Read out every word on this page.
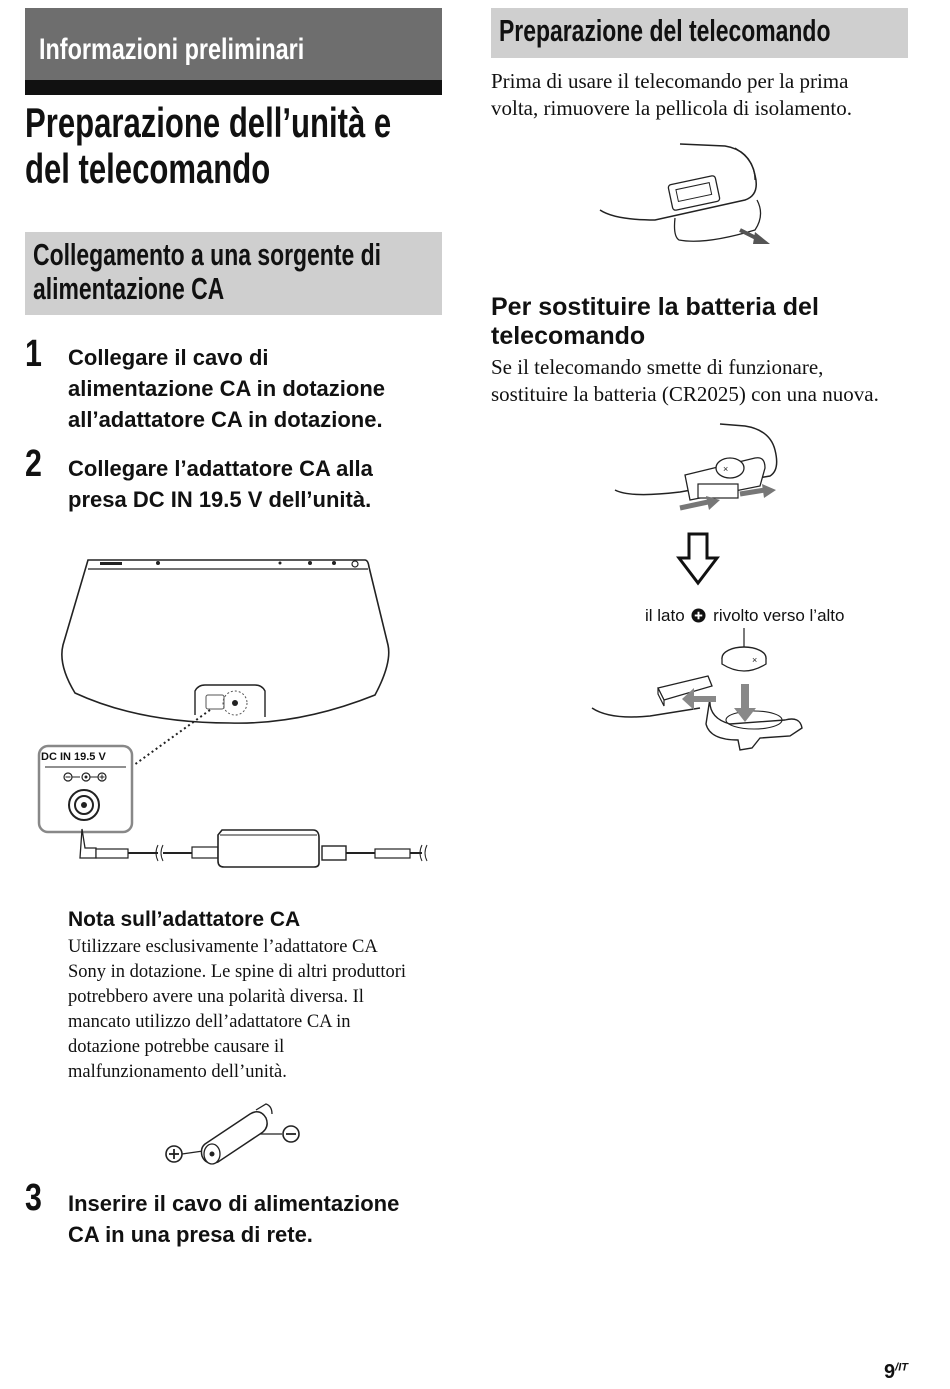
Informazioni preliminari
Preparazione dell’unità e
del telecomando
Collegamento a una sorgente di
alimentazione CA
1 Collegare il cavo di
alimentazione CA in dotazione
all’adattatore CA in dotazione.
2 Collegare l’adattatore CA alla
presa DC IN 19.5 V dell’unità.
DC IN 19.5 V
Nota sull’adattatore CA
Utilizzare esclusivamente l’adattatore CA
Sony in dotazione. Le spine di altri produttori
potrebbero avere una polarità diversa. Il
mancato utilizzo dell’adattatore CA in
dotazione potrebbe causare il
malfunzionamento dell’unità.
3 Inserire il cavo di alimentazione
CA in una presa di rete.
Preparazione del telecomando
Prima di usare il telecomando per la prima
volta, rimuovere la pellicola di isolamento.
Per sostituire la batteria del
telecomando
Se il telecomando smette di funzionare,
sostituire la batteria (CR2025) con una nuova.
×
il lato rivolto verso l’alto
×
$9^{/IT}$
